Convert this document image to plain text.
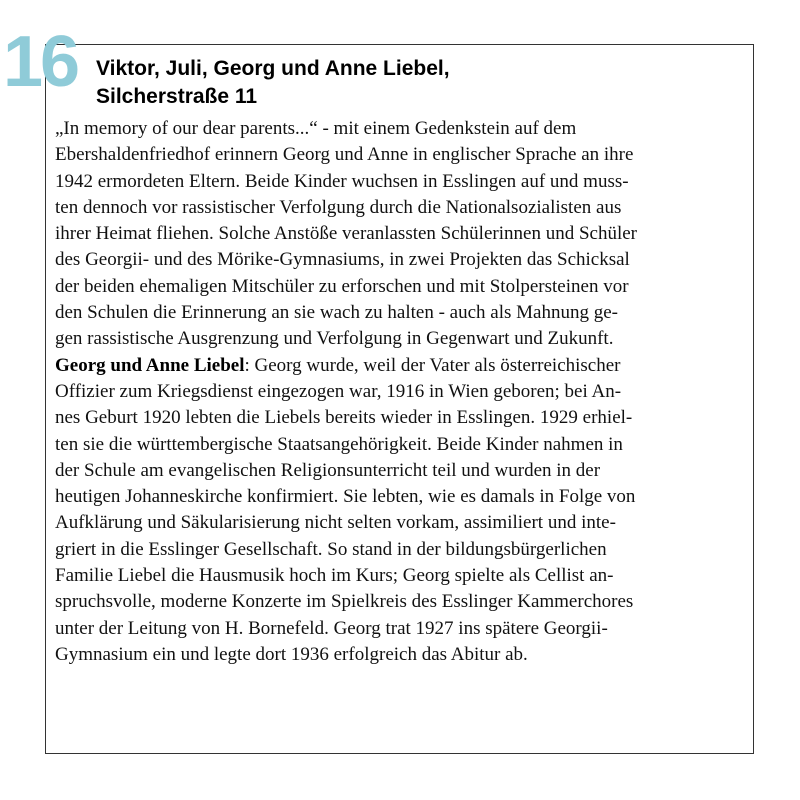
16 Viktor, Juli, Georg und Anne Liebel,
Silcherstraße 11
„In memory of our dear parents...“ - mit einem Gedenkstein auf dem
Ebershaldenfriedhof erinnern Georg und Anne in englischer Sprache an ihre
1942 ermordeten Eltern. Beide Kinder wuchsen in Esslingen auf und muss-
ten dennoch vor rassistischer Verfolgung durch die Nationalsozialisten aus
ihrer Heimat fliehen. Solche Anstöße veranlassten Schülerinnen und Schüler
des Georgii- und des Mörike-Gymnasiums, in zwei Projekten das Schicksal
der beiden ehemaligen Mitschüler zu erforschen und mit Stolpersteinen vor
den Schulen die Erinnerung an sie wach zu halten - auch als Mahnung ge-
gen rassistische Ausgrenzung und Verfolgung in Gegenwart und Zukunft.
Georg und Anne Liebel: Georg wurde, weil der Vater als österreichischer
Offizier zum Kriegsdienst eingezogen war, 1916 in Wien geboren; bei An-
nes Geburt 1920 lebten die Liebels bereits wieder in Esslingen. 1929 erhiel-
ten sie die württembergische Staatsangehörigkeit. Beide Kinder nahmen in
der Schule am evangelischen Religionsunterricht teil und wurden in der
heutigen Johanneskirche konfirmiert. Sie lebten, wie es damals in Folge von
Aufklärung und Säkularisierung nicht selten vorkam, assimiliert und inte-
griert in die Esslinger Gesellschaft. So stand in der bildungsbürgerlichen
Familie Liebel die Hausmusik hoch im Kurs; Georg spielte als Cellist an-
spruchsvolle, moderne Konzerte im Spielkreis des Esslinger Kammerchores
unter der Leitung von H. Bornefeld. Georg trat 1927 ins spätere Georgii-
Gymnasium ein und legte dort 1936 erfolgreich das Abitur ab.
